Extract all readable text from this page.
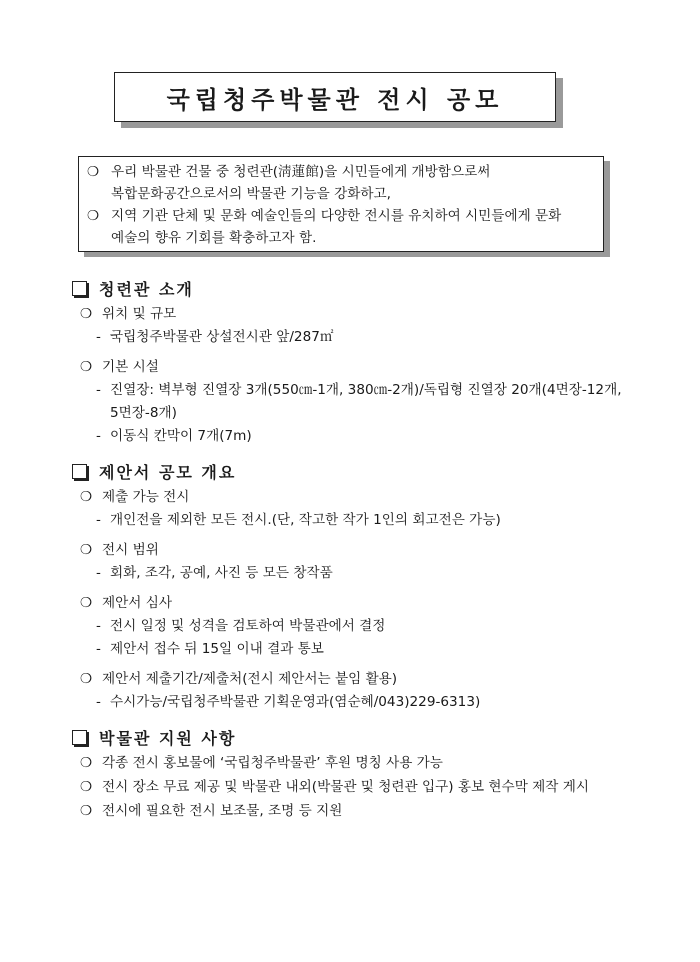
국립청주박물관 전시 공모
❍ 우리 박물관 건물 중 청련관(淸蓮館)을 시민들에게 개방함으로써 복합문화공간으로서의 박물관 기능을 강화하고,
❍ 지역 기관 단체 및 문화 예술인들의 다양한 전시를 유치하여 시민들에게 문화 예술의 향유 기회를 확충하고자 함.
청련관 소개
❍ 위치 및 규모
- 국립청주박물관 상설전시관 앞/287㎡
❍ 기본 시설
- 진열장: 벽부형 진열장 3개(550㎝-1개, 380㎝-2개)/독립형 진열장 20개(4면장-12개, 5면장-8개)
- 이동식 칸막이 7개(7m)
제안서 공모 개요
❍ 제출 가능 전시
- 개인전을 제외한 모든 전시.(단, 작고한 작가 1인의 회고전은 가능)
❍ 전시 범위
- 회화, 조각, 공예, 사진 등 모든 창작품
❍ 제안서 심사
- 전시 일정 및 성격을 검토하여 박물관에서 결정
- 제안서 접수 뒤 15일 이내 결과 통보
❍ 제안서 제출기간/제출처(전시 제안서는 붙임 활용)
- 수시가능/국립청주박물관 기획운영과(염순혜/043)229-6313)
박물관 지원 사항
❍ 각종 전시 홍보물에 ‘국립청주박물관’ 후원 명칭 사용 가능
❍ 전시 장소 무료 제공 및 박물관 내외(박물관 및 청련관 입구) 홍보 현수막 제작 게시
❍ 전시에 필요한 전시 보조물, 조명 등 지원
